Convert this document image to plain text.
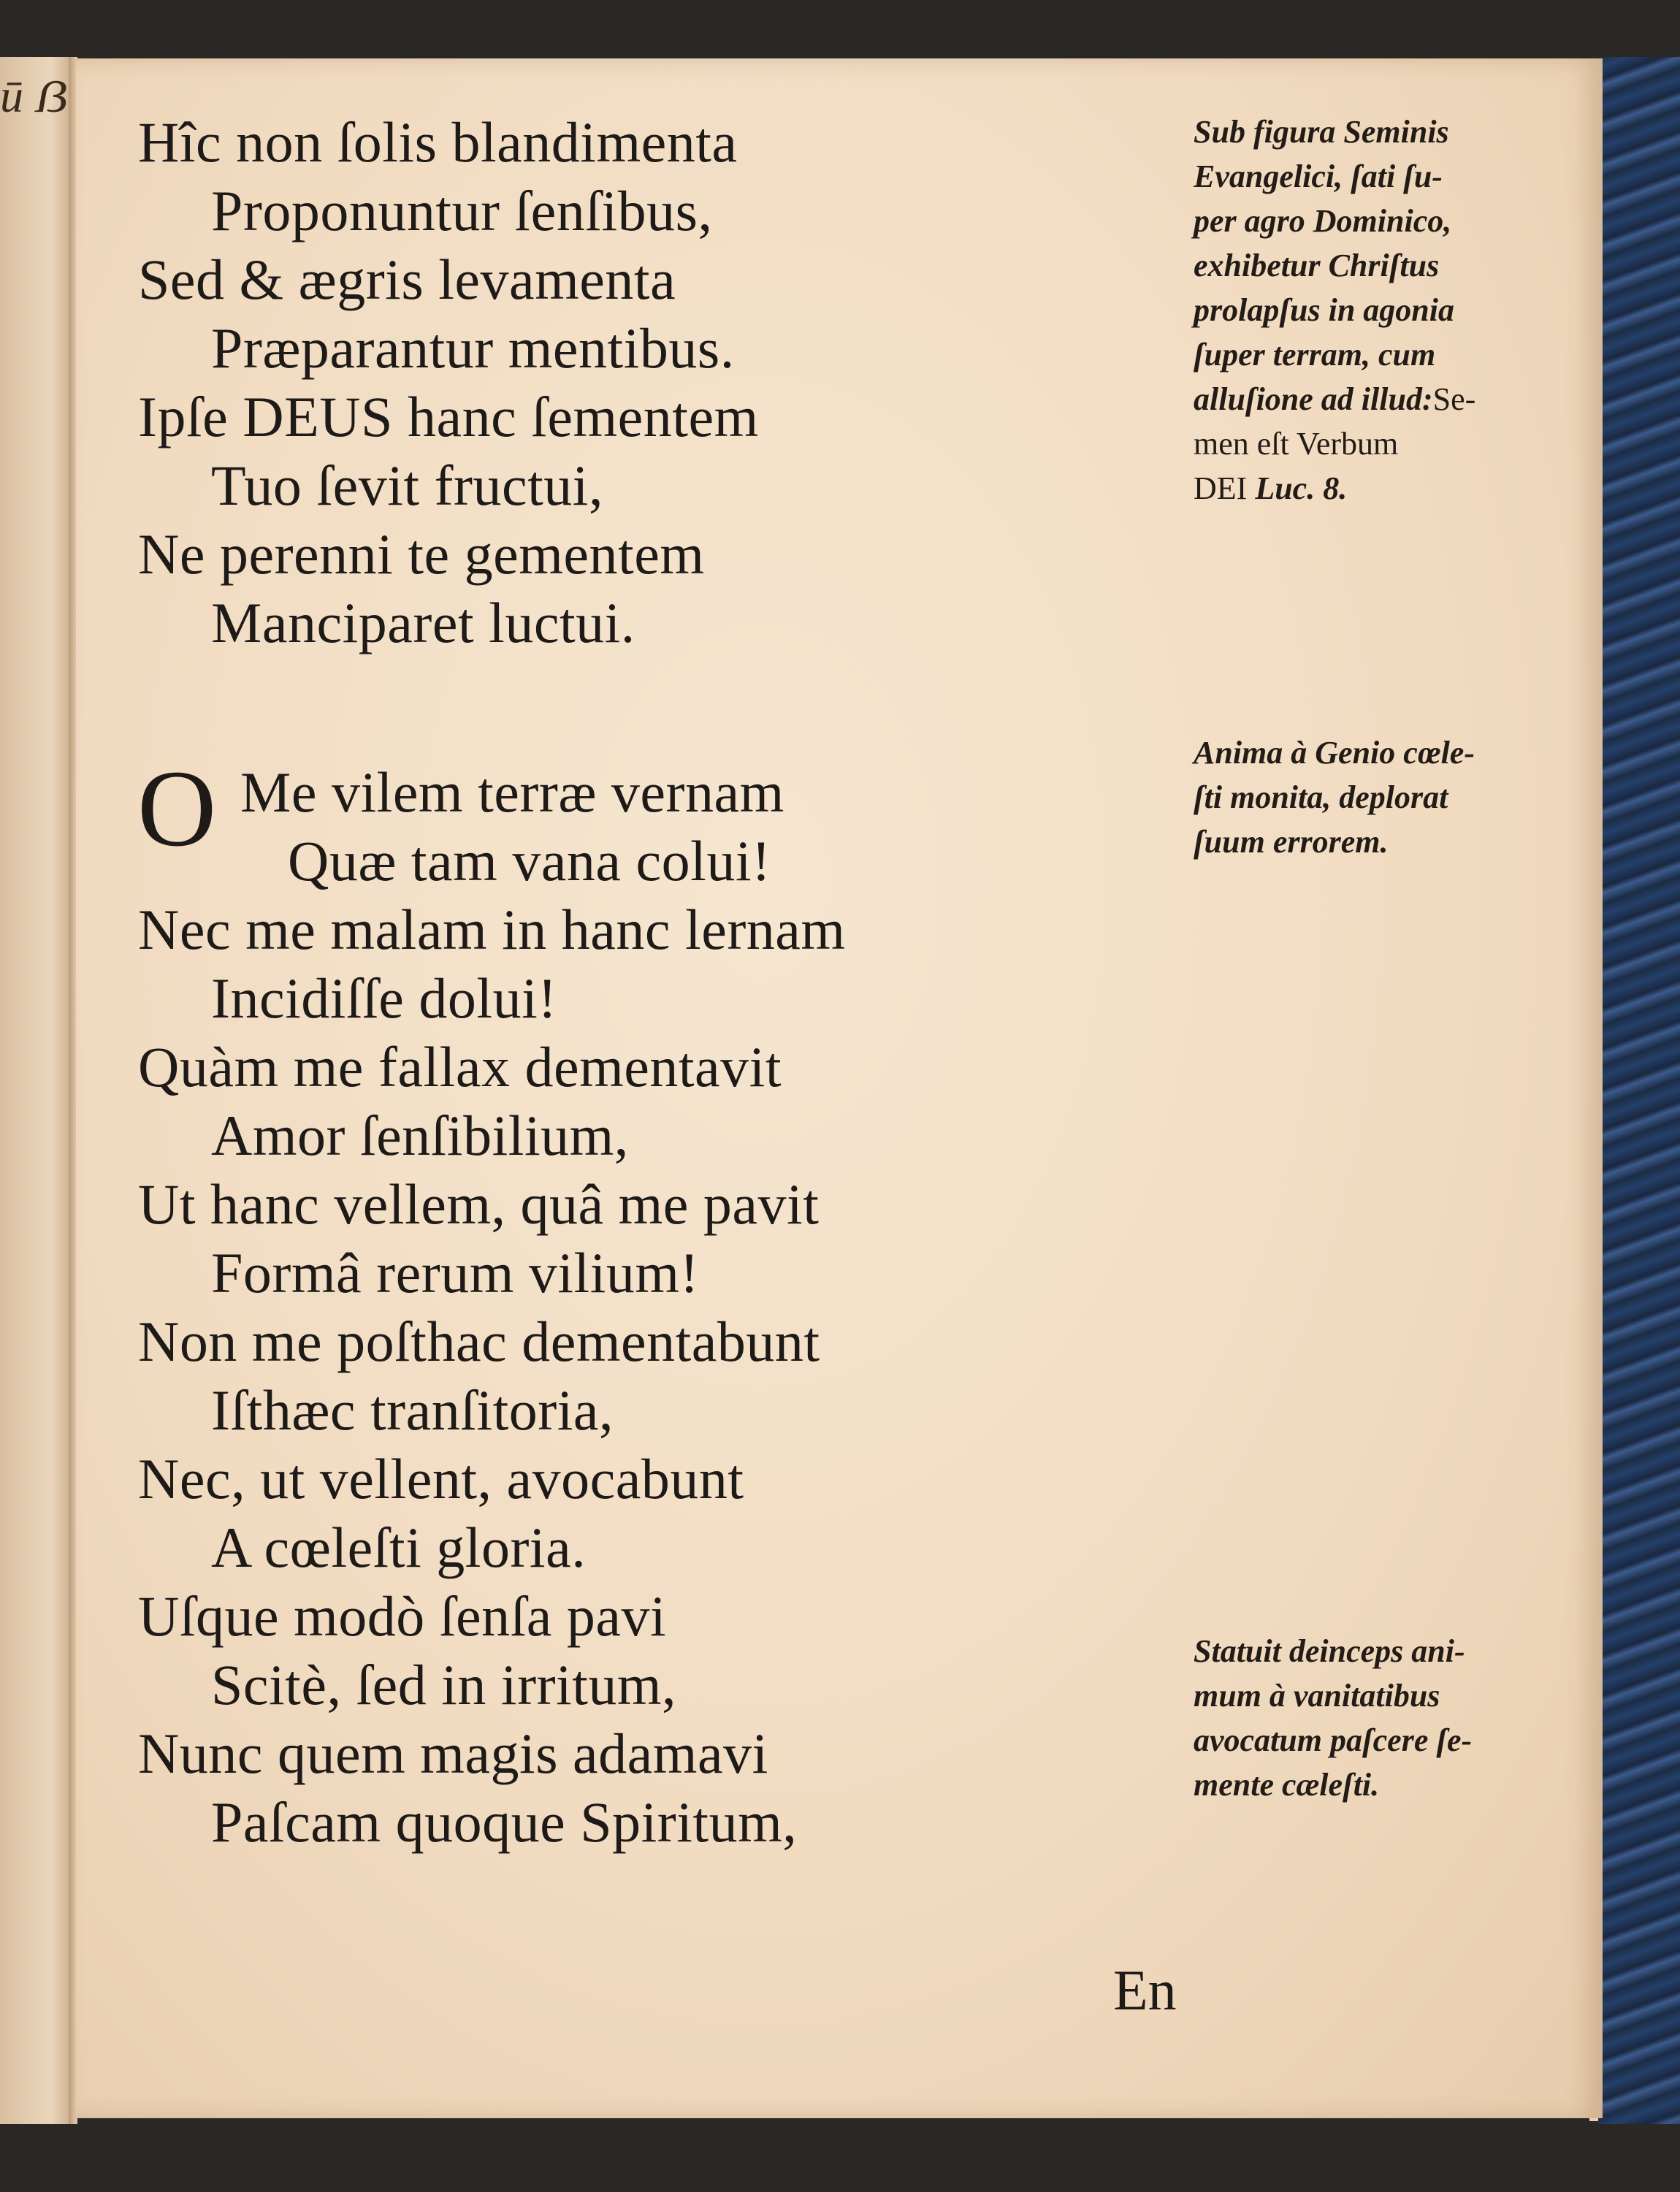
ū ẞ
Hîc non ſolis blandimenta
Proponuntur ſenſibus,
Sed & ægris levamenta
Præparantur mentibus.
Ipſe DEUS hanc ſementem
Tuo ſevit fructui,
Ne perenni te gementem
Manciparet luctui.
Me vilem terræ vernam
Quæ tam vana colui!
Nec me malam in hanc lernam
Incidiſſe dolui!
Quàm me fallax dementavit
Amor ſenſibilium,
Ut hanc vellem, quâ me pavit
Formâ rerum vilium!
Non me poſthac dementabunt
Iſthæc tranſitoria,
Nec, ut vellent, avocabunt
A cœleſti gloria.
Uſque modò ſenſa pavi
Scitè, ſed in irritum,
Nunc quem magis adamavi
Paſcam quoque Spiritum,
Sub figura Seminis
Evangelici, ſati ſu-
per agro Dominico,
exhibetur Chriſtus
prolapſus in agonia
ſuper terram, cum
alluſione ad illud:Se-
men eſt Verbum
DEI Luc. 8.
Anima à Genio cœle-
ſti monita, deplorat
ſuum errorem.
Statuit deinceps ani-
mum à vanitatibus
avocatum paſcere ſe-
mente cæleſti.
En
O
